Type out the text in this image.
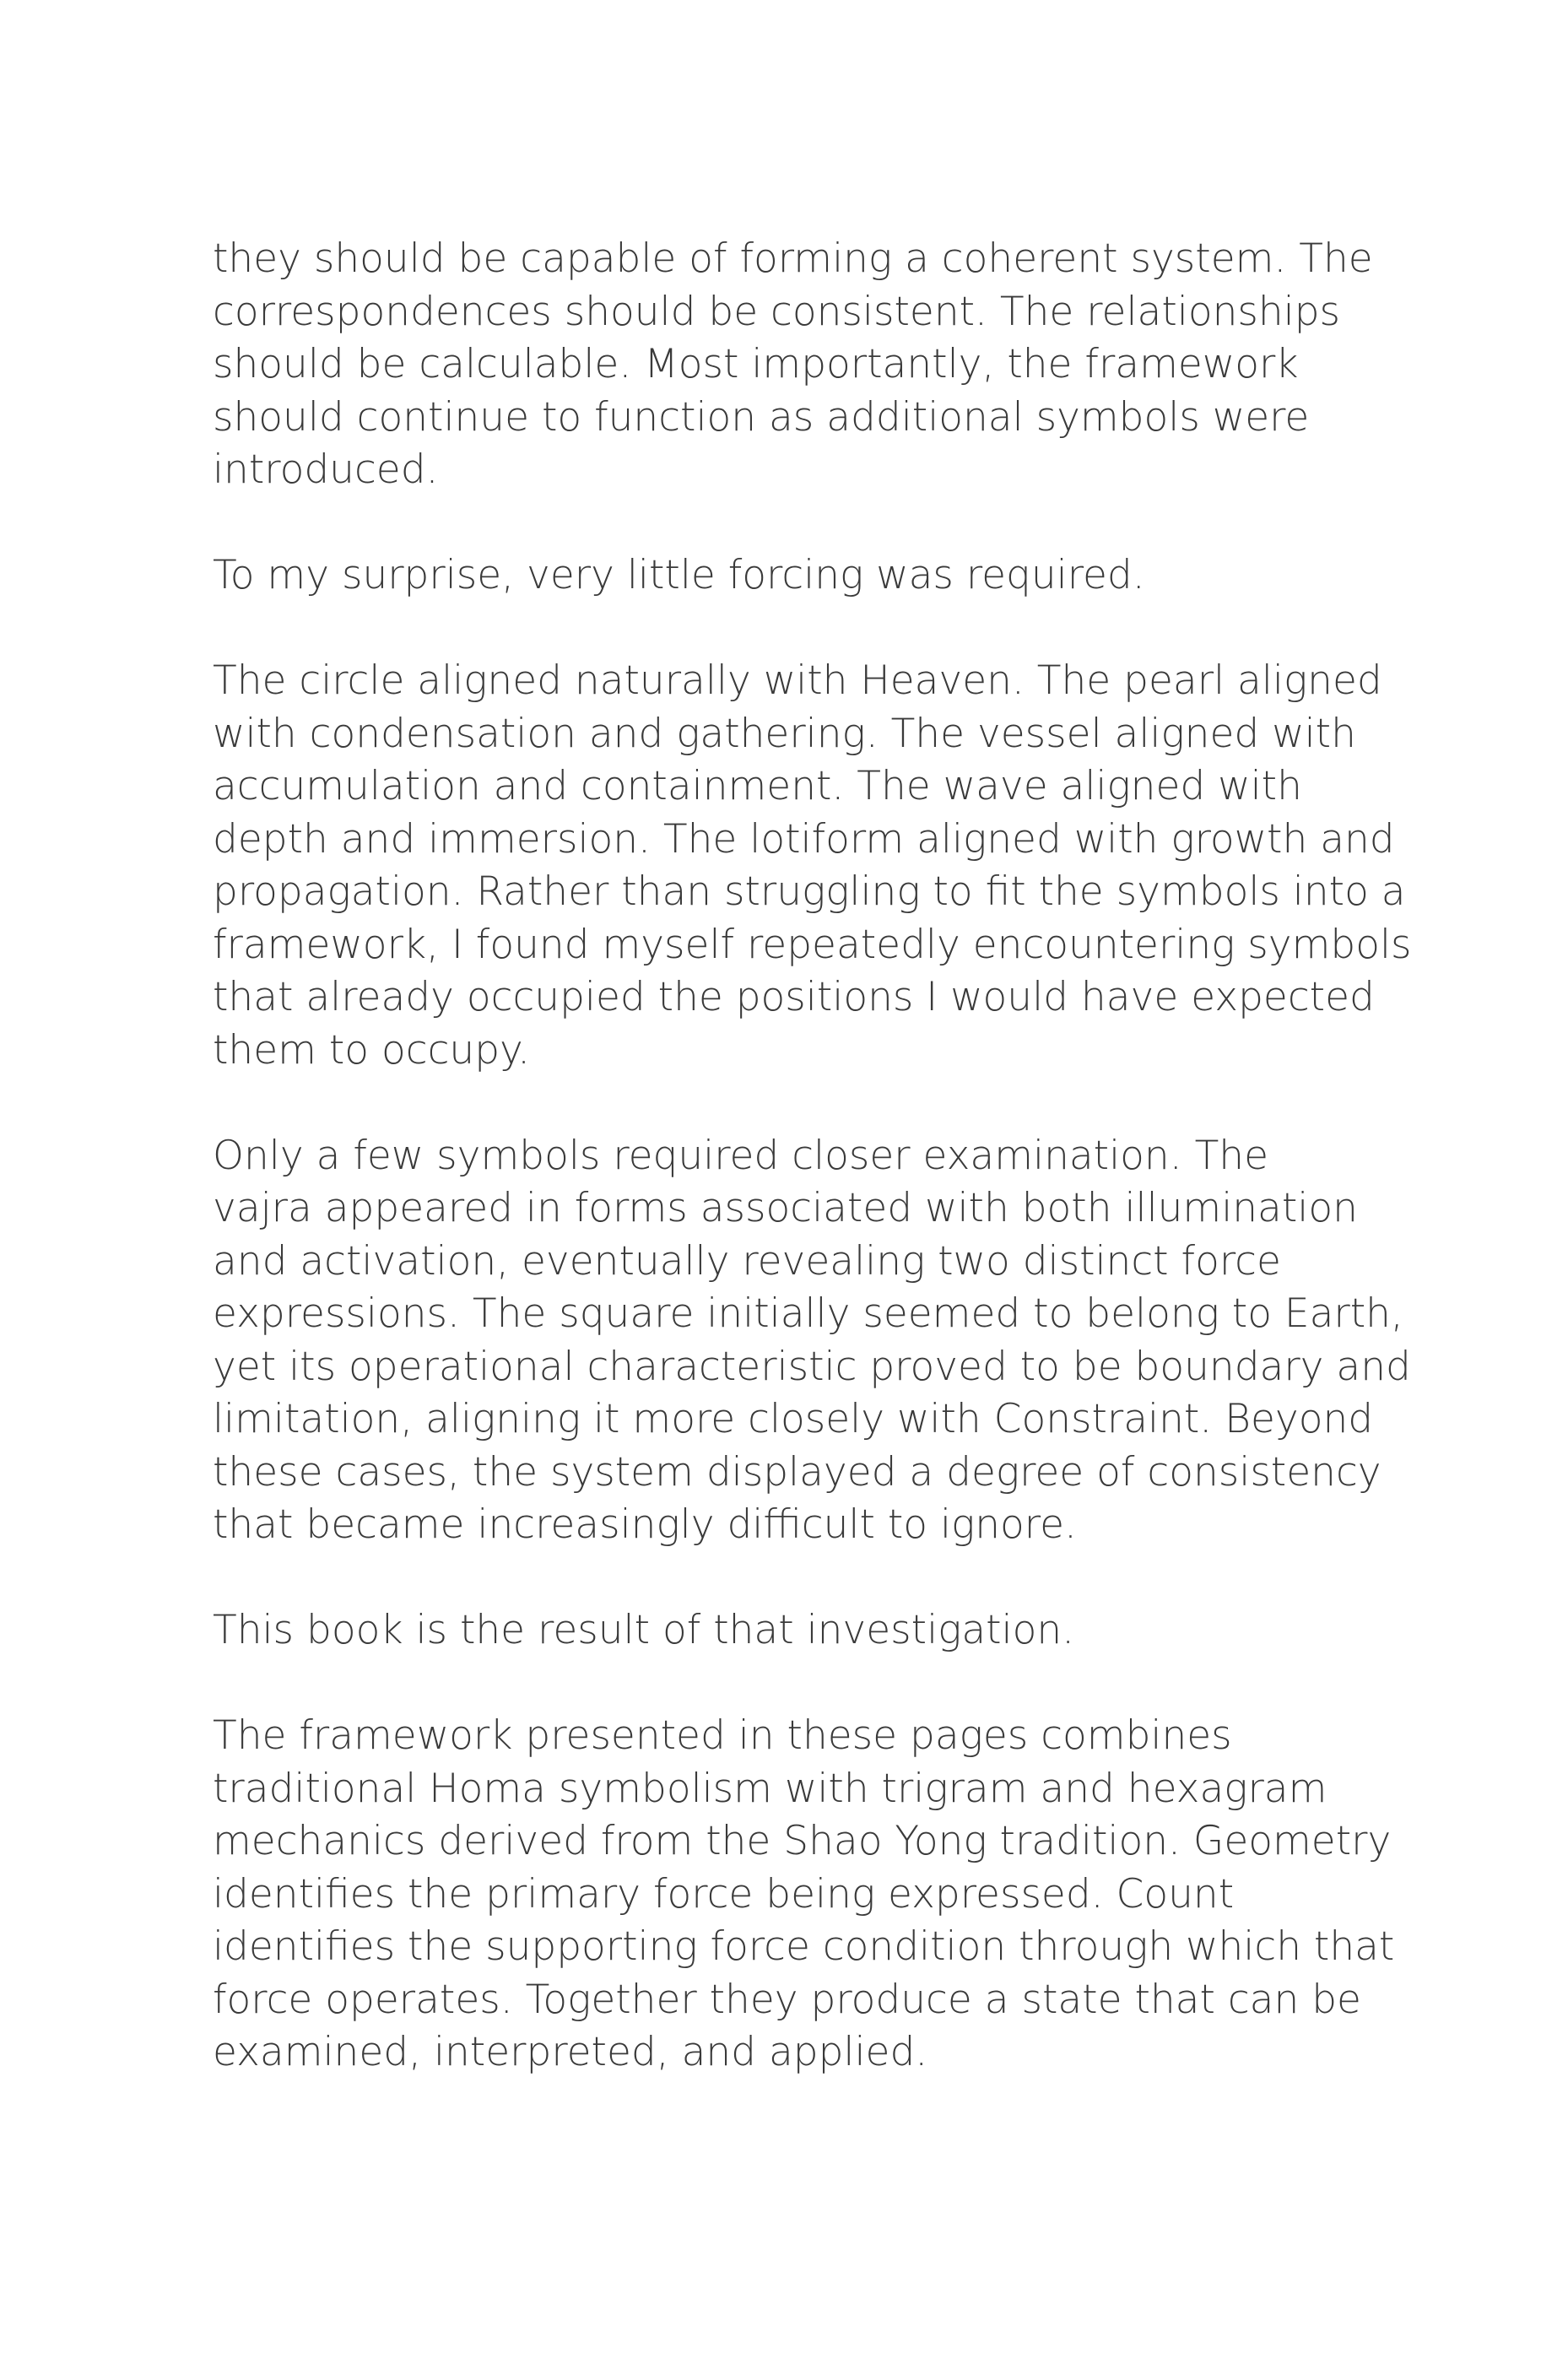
they should be capable of forming a coherent system. The
correspondences should be consistent. The relationships
should be calculable. Most importantly, the framework
should continue to function as additional symbols were
introduced.
To my surprise, very little forcing was required.
The circle aligned naturally with Heaven. The pearl aligned
with condensation and gathering. The vessel aligned with
accumulation and containment. The wave aligned with
depth and immersion. The lotiform aligned with growth and
propagation. Rather than struggling to fit the symbols into a
framework, I found myself repeatedly encountering symbols
that already occupied the positions I would have expected
them to occupy.
Only a few symbols required closer examination. The
vajra appeared in forms associated with both illumination
and activation, eventually revealing two distinct force
expressions. The square initially seemed to belong to Earth,
yet its operational characteristic proved to be boundary and
limitation, aligning it more closely with Constraint. Beyond
these cases, the system displayed a degree of consistency
that became increasingly difficult to ignore.
This book is the result of that investigation.
The framework presented in these pages combines
traditional Homa symbolism with trigram and hexagram
mechanics derived from the Shao Yong tradition. Geometry
identifies the primary force being expressed. Count
identifies the supporting force condition through which that
force operates. Together they produce a state that can be
examined, interpreted, and applied.
